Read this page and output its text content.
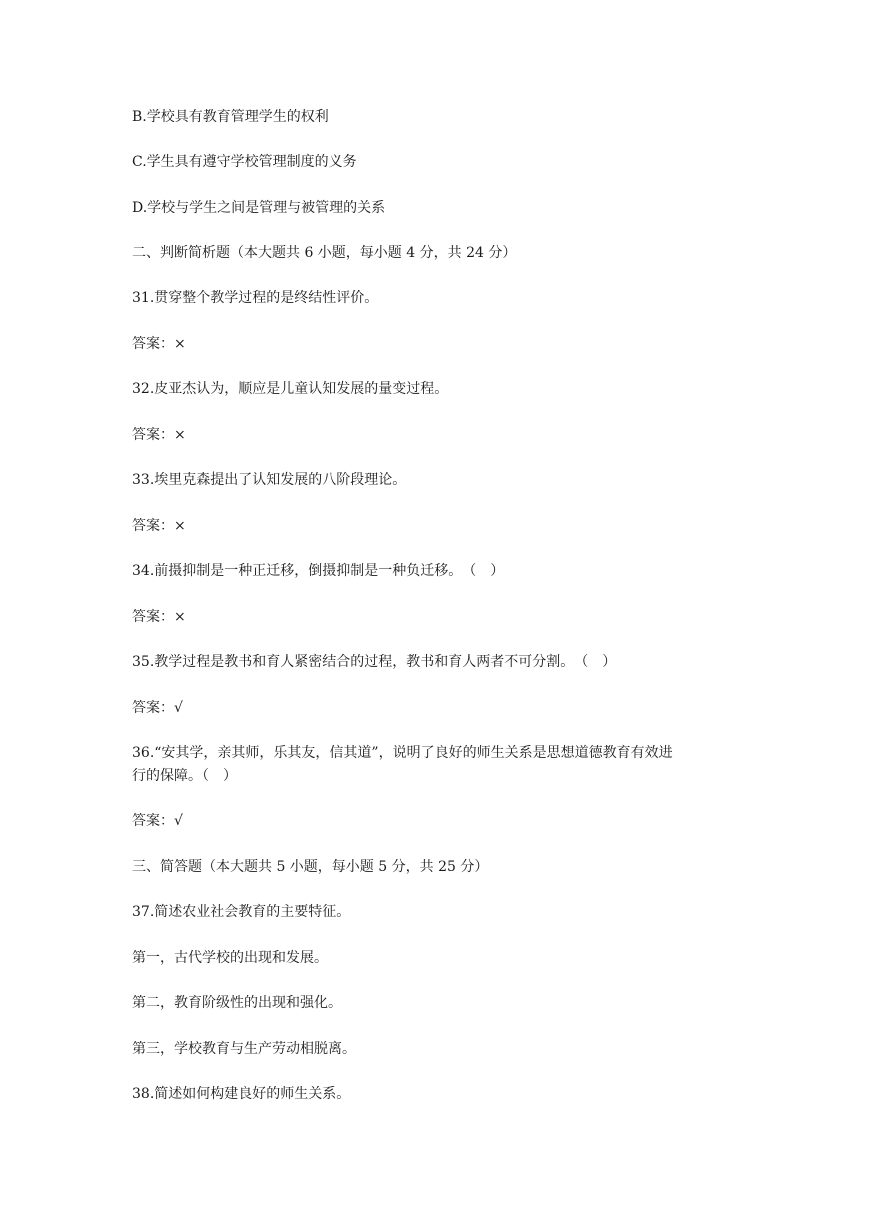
B.学校具有教育管理学生的权利
C.学生具有遵守学校管理制度的义务
D.学校与学生之间是管理与被管理的关系
二、判断简析题（本大题共 6 小题，每小题 4 分，共 24 分）
31.贯穿整个教学过程的是终结性评价。
答案：×
32.皮亚杰认为，顺应是儿童认知发展的量变过程。
答案：×
33.埃里克森提出了认知发展的八阶段理论。
答案：×
34.前摄抑制是一种正迁移，倒摄抑制是一种负迁移。　（　）
答案：×
35.教学过程是教书和育人紧密结合的过程，教书和育人两者不可分割。　（　）
答案：√
36.“安其学，亲其师，乐其友，信其道”，说明了良好的师生关系是思想道德教育有效进
行的保障。（　）
答案：√
三、简答题（本大题共 5 小题，每小题 5 分，共 25 分）
37.简述农业社会教育的主要特征。
第一，古代学校的出现和发展。
第二，教育阶级性的出现和强化。
第三，学校教育与生产劳动相脱离。
38.简述如何构建良好的师生关系。
